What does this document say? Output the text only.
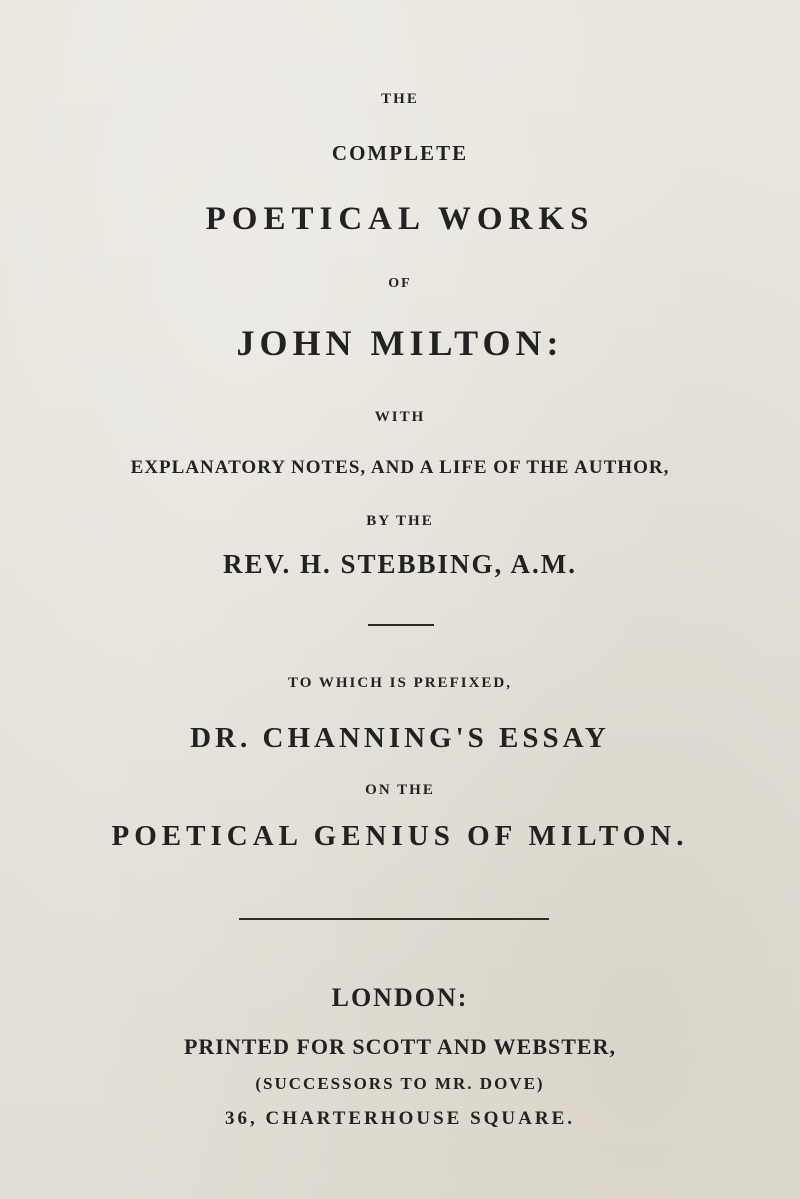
THE
COMPLETE
POETICAL WORKS
OF
JOHN MILTON:
WITH
EXPLANATORY NOTES, AND A LIFE OF THE AUTHOR,
BY THE
REV. H. STEBBING, A.M.
TO WHICH IS PREFIXED,
DR. CHANNING'S ESSAY
ON THE
POETICAL GENIUS OF MILTON.
LONDON:
PRINTED FOR SCOTT AND WEBSTER,
(SUCCESSORS TO MR. DOVE)
36, CHARTERHOUSE SQUARE.
